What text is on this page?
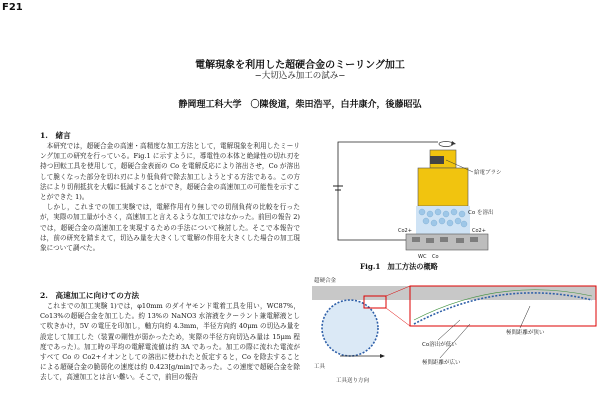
F21
電解現象を利用した超硬合金のミーリング加工
−大切込み加工の試み−
静岡理工科大学　〇陳俊道，柴田浩平，白井康介，後藤昭弘
1.　緒言

本研究では，超硬合金の高速・高精度な加工方法として，電解現象を利用したミーリング加工の研究を行っている。Fig.1 に示すように，導電性の本体と絶縁性の切れ刃を持つ回転工具を使用して，超硬合金表面の Co を電解反応により溶出させ，Co が溶出して脆くなった部分を切れ刃により低負荷で除去加工しようとする方法である。この方法により切削抵抗を大幅に低減することができ，超硬合金の高速加工の可能性を示すことができた 1)。

しかし，これまでの加工実験では，電解作用有り無しでの切削負荷の比較を行ったが，実際の加工量が小さく，高速加工と言えるような加工ではなかった。前回の報告 2)では，超硬合金の高速加工を実現するための手法について検討した。そこで本報告では，前の研究を踏まえて，切込み量を大きくして電解の作用を大きくした場合の加工現象について調べた。

2.　高速加工に向けての方法

これまでの加工実験 1)では，φ10mm のダイヤモンド電着工具を用い，WC87%，Co13%の超硬合金を加工した。約 13%の NaNO3 水溶液をクーラント兼電解液として吹きかけ，5V の電圧を印加し，軸方向約 4.3mm，半径方向約 40μm の切込み量を設定して加工した（装置の剛性が弱かったため，実際の半径方向切込み量は 15μm 程度であった）。加工時の平均の電解電流値は約 3A であった。加工の際に流れた電流がすべて Co の Co2+イオンとしての溶出に使われたと仮定すると，Co を除去することによる超硬合金の脆弱化の速度は約 0.423[g/min]であった。この速度で超硬合金を除去して，高速加工とは言い難い。そこで，前回の報告

給電ブラシ
Co を溶出
Co2+	Co2+
WC Co
Fig.1　加工方法の概略
超硬合金
工具
工具送り方向
Co溶出が低い
極間距離が狭い
極間距離が広い
